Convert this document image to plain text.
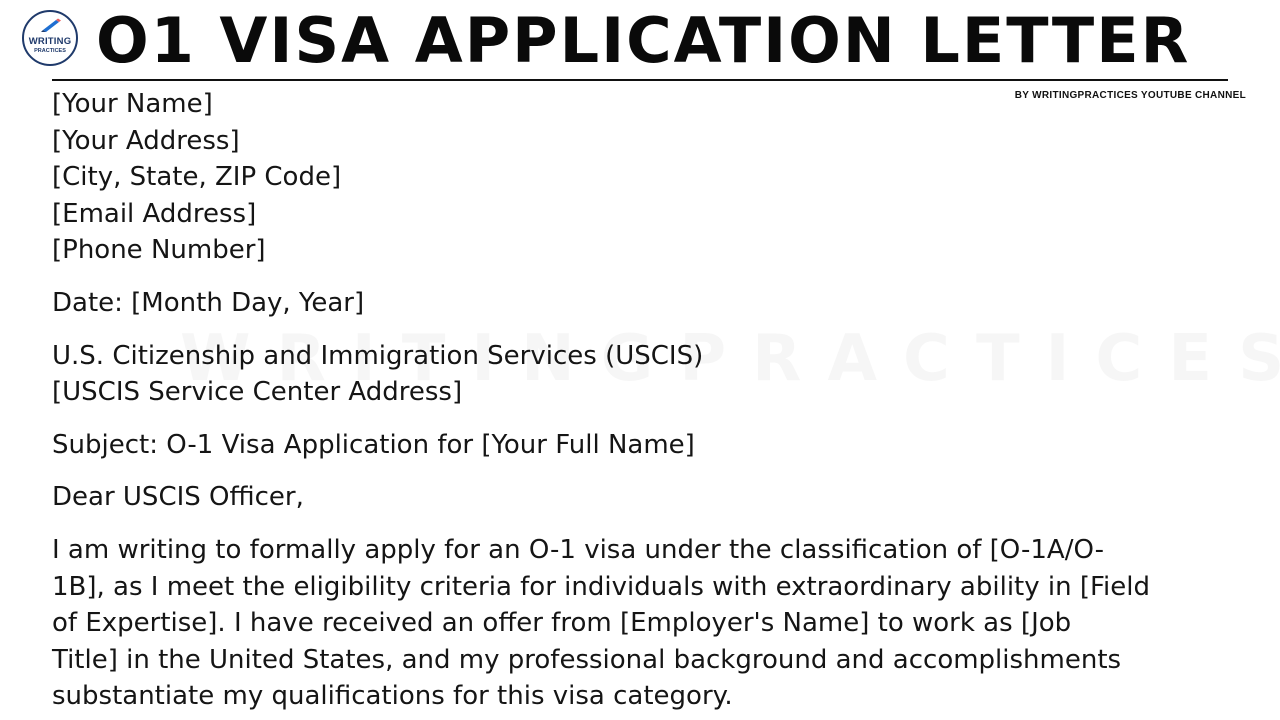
WRITING
PRACTICES O1 VISA APPLICATION LETTER
BY WRITINGPRACTICES YOUTUBE CHANNEL

[Your Name]
[Your Address]
[City, State, ZIP Code]
[Email Address]
[Phone Number]

Date: [Month Day, Year]

U.S. Citizenship and Immigration Services (USCIS)
[USCIS Service Center Address]

Subject: O-1 Visa Application for [Your Full Name]

Dear USCIS Officer,

I am writing to formally apply for an O-1 visa under the classification of [O-1A/O-
1B], as I meet the eligibility criteria for individuals with extraordinary ability in [Field
of Expertise]. I have received an offer from [Employer's Name] to work as [Job
Title] in the United States, and my professional background and accomplishments
substantiate my qualifications for this visa category.
